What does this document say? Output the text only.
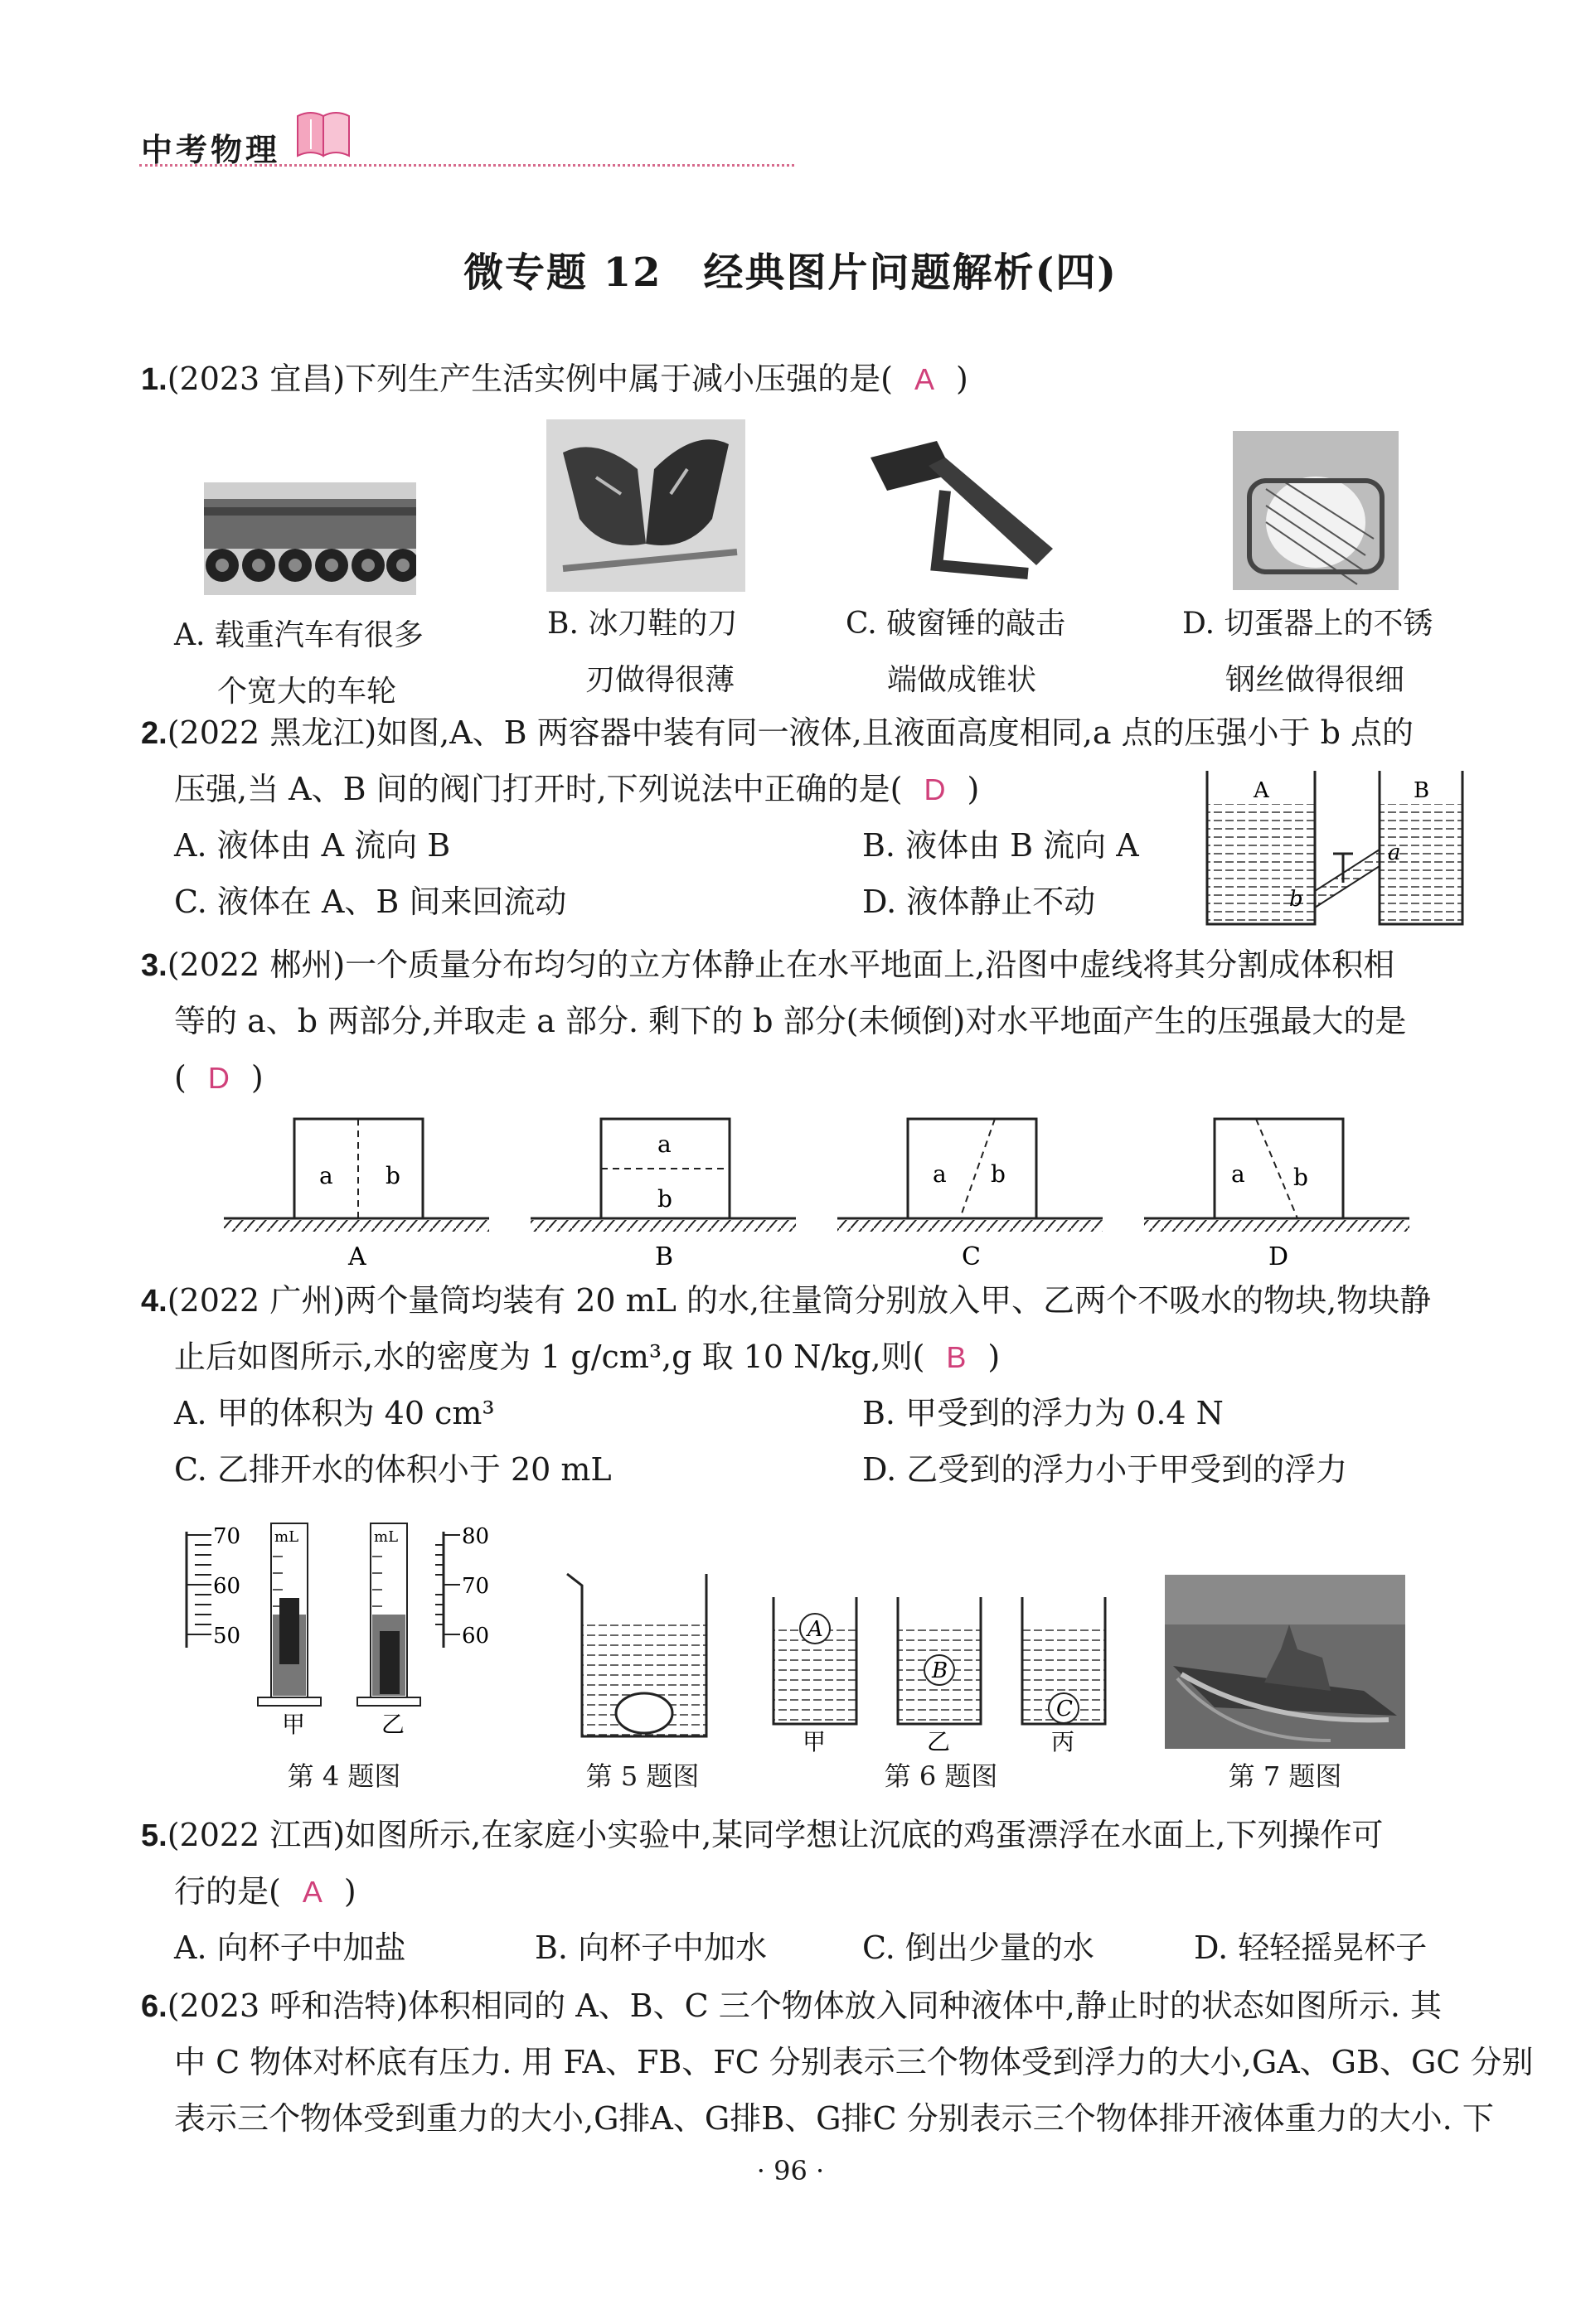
中考物理
微专题 12　经典图片问题解析(四)
1.(2023 宜昌)下列生产生活实例中属于减小压强的是( A )
A. 载重汽车有很多
个宽大的车轮
B. 冰刀鞋的刀
刃做得很薄
C. 破窗锤的敲击
端做成锥状
D. 切蛋器上的不锈
钢丝做得很细
2.(2022 黑龙江)如图,A、B 两容器中装有同一液体,且液面高度相同,a 点的压强小于 b 点的
压强,当 A、B 间的阀门打开时,下列说法中正确的是( D )
A. 液体由 A 流向 B	B. 液体由 B 流向 A
C. 液体在 A、B 间来回流动	D. 液体静止不动
A	B
a
b
3.(2022 郴州)一个质量分布均匀的立方体静止在水平地面上,沿图中虚线将其分割成体积相
等的 a、b 两部分,并取走 a 部分. 剩下的 b 部分(未倾倒)对水平地面产生的压强最大的是
( D )
a b
A
a
b
B
a b
C
a b
D
4.(2022 广州)两个量筒均装有 20 mL 的水,往量筒分别放入甲、乙两个不吸水的物块,物块静
止后如图所示,水的密度为 1 g/cm³,g 取 10 N/kg,则( B )
A. 甲的体积为 40 cm³	B. 甲受到的浮力为 0.4 N
C. 乙排开水的体积小于 20 mL	D. 乙受到的浮力小于甲受到的浮力
70
60
50
mL
甲
mL
乙
80
70
60
第 4 题图	第 5 题图
A
甲
B
乙
C
丙
第 6 题图	第 7 题图
5.(2022 江西)如图所示,在家庭小实验中,某同学想让沉底的鸡蛋漂浮在水面上,下列操作可
行的是( A )
A. 向杯子中加盐	B. 向杯子中加水	C. 倒出少量的水	D. 轻轻摇晃杯子
6.(2023 呼和浩特)体积相同的 A、B、C 三个物体放入同种液体中,静止时的状态如图所示. 其
中 C 物体对杯底有压力. 用 FA、FB、FC 分别表示三个物体受到浮力的大小,GA、GB、GC 分别
表示三个物体受到重力的大小,G排A、G排B、G排C 分别表示三个物体排开液体重力的大小. 下
· 96 ·
